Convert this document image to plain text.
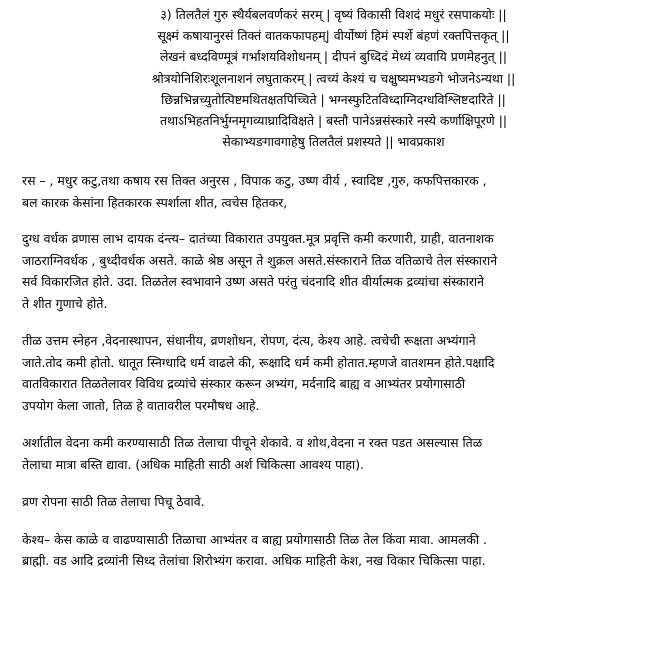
३) तिलतैलं गुरु स्थैर्यबलवर्णकरं सरम् | वृष्यं विकासी विशदं मधुरं रसपाकयोः ||
सूक्ष्मं कषायानुरसं तिक्तं वातकफापहम्| वीर्योष्णं हिमं स्पर्शे बंहणं रक्तपित्तकृत् ||
लेखनं बध्दविण्मूत्रं गर्भाशयविशोधनम् | दीपनं बुध्दिदं मेध्यं व्यवायि प्रणमेहनुत् ||
श्रोत्रयोनिशिरःशूलनाशनं लघुताकरम् | त्वच्यं केश्यं च चक्षुष्यमभ्यङगे भोजनेऽन्यथा ||
छिन्नभिन्नच्युतोत्पिष्टमथितक्षतपिच्चिते | भग्नस्फुटितविध्दाग्निदग्धविश्लिष्टदारिते ||
तथाऽभिहतनिर्भुग्नमृगव्याघ्रादिविक्षते | बस्तौ पानेऽन्नसंस्कारे नस्ये कर्णाक्षिपूरणे ||
सेकाभ्यङगावगाहेषु तिलतैलं प्रशस्यते || भावप्रकाश
रस – , मधुर कटु,तथा कषाय रस तिक्त अनुरस , विपाक कटु, उष्ण वीर्य , स्वादिष्ट ,गुरु, कफपित्तकारक ,
बल कारक केसांना हितकारक स्पर्शाला शीत, त्वचेस हितकर,
दुग्ध वर्धक व्रणास लाभ दायक दंन्त्य– दातंच्या विकारात उपयुक्त.मूत्र प्रवृत्ति कमी करणारी, ग्राही, वातनाशक
जाठराग्निवर्धक , बुध्दीवर्धक असते. काळे श्रेष्ठ असून ते शुक्रल असते.संस्काराने तिळ वतिळाचे तेल संस्काराने
सर्व विकारजित होते. उदा. तिळतेल स्वभावाने उष्ण असते परंतु चंदनादि शीत वीर्यात्मक द्रव्यांचा संस्काराने
ते शीत गुणाचे होते.
तीळ उत्तम स्नेहन ,वेदनास्थापन, संधानीय, व्रणशोधन, रोपण, दंत्य, केश्य आहे. त्वचेची रूक्षता अभ्यंगाने
जाते.तोद कमी होतो. धातूत स्निग्धादि धर्म वाढले की, रूक्षादि धर्म कमी होतात.म्हणजे वातशमन होते.पक्षादि
वातविकारात तिळतेलावर विविध द्रव्यांचे संस्कार करून अभ्यंग, मर्दनादि बाह्य व आभ्यंतर प्रयोगासाठी
उपयोग केला जातो, तिळ हे वातावरील परमौषध आहे.
अर्शातील वेदना कमी करण्यासाठी तिळ तेलाचा पीचूने शेकावे. व शोथ,वेदना न रक्त पडत असल्यास तिळ
तेलाचा मात्रा बस्ति द्यावा. (अधिक माहिती साठी अर्श चिकित्सा आवश्य पाहा).
व्रण रोपना साठी तिळ तेलाचा पिचू ठेवावे.
केश्य– केस काळे व वाढण्यासाठी तिळाचा आभ्यंतर व बाह्य प्रयोगासाठी तिळ तेल किंवा मावा. आमलकी .
ब्राह्मी. वड आदि द्रव्यांनी सिध्द तेलांचा शिरोभ्यंग करावा. अधिक माहिती केश, नख विकार चिकित्सा पाहा.
